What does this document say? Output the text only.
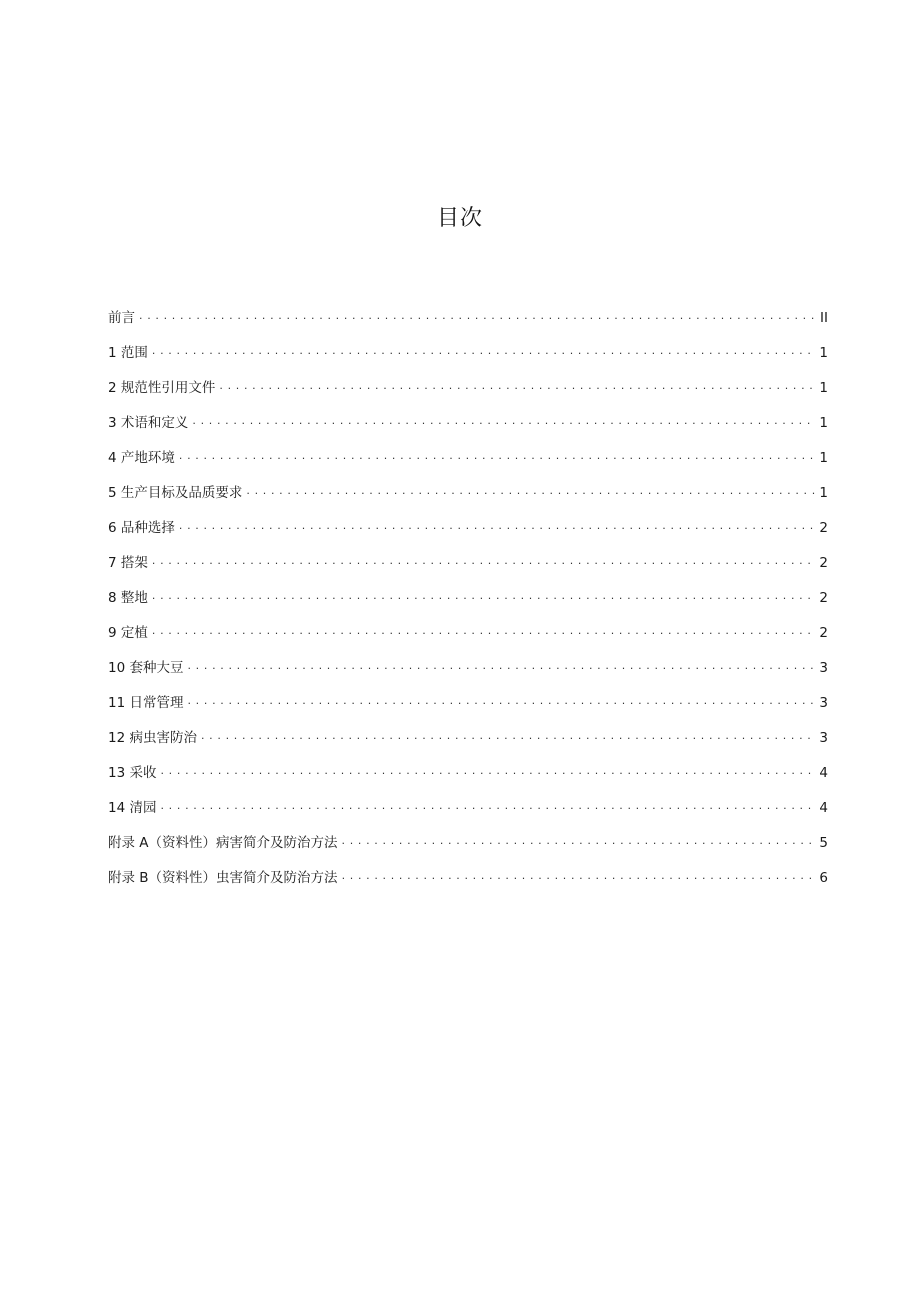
目次
前言 . . .	II
1 范围 . . .	1
2 规范性引用文件 . . .	1
3 术语和定义 . . .	1
4 产地环境 . . .	1
5 生产目标及品质要求 . . .	1
6 品种选择 . . .	2
7 搭架 . . .	2
8 整地 . . .	2
9 定植 . . .	2
10 套种大豆 . . .	3
11 日常管理 . . .	3
12 病虫害防治 . . .	3
13 采收 . . .	4
14 清园 . . .	4
附录 A（资料性）病害简介及防治方法 . . .	5
附录 B（资料性）虫害简介及防治方法 . . .	6
